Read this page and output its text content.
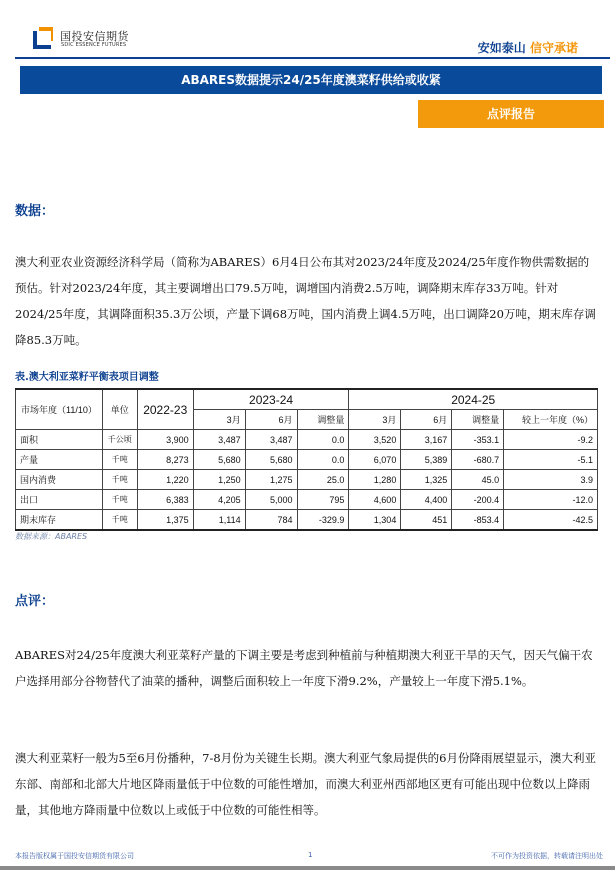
国投安信期货
SDIC ESSENCE FUTURES	安如泰山 信守承诺
ABARES数据提示24/25年度澳菜籽供给或收紧
点评报告
数据：
澳大利亚农业资源经济科学局（简称为ABARES）6月4日公布其对2023/24年度及2024/25年度作物供需数据的预估。针对2023/24年度，其主要调增出口79.5万吨，调增国内消费2.5万吨，调降期末库存33万吨。针对2024/25年度，其调降面积35.3万公顷，产量下调68万吨，国内消费上调4.5万吨，出口调降20万吨，期末库存调降85.3万吨。
表.澳大利亚菜籽平衡表项目调整
市场年度（11/10）	单位	2022-23	2023-24			2024-25			
			3月	6月	调整量	3月	6月	调整量	较上一年度（%）
面积	千公顷	3,900	3,487	3,487	0.0	3,520	3,167	-353.1	-9.2
产量	千吨	8,273	5,680	5,680	0.0	6,070	5,389	-680.7	-5.1
国内消费	千吨	1,220	1,250	1,275	25.0	1,280	1,325	45.0	3.9
出口	千吨	6,383	4,205	5,000	795	4,600	4,400	-200.4	-12.0
期末库存	千吨	1,375	1,114	784	-329.9	1,304	451	-853.4	-42.5
数据来源：ABARES
点评：
ABARES对24/25年度澳大利亚菜籽产量的下调主要是考虑到种植前与种植期澳大利亚干旱的天气，因天气偏干农户选择用部分谷物替代了油菜的播种，调整后面积较上一年度下滑9.2%，产量较上一年度下滑5.1%。
澳大利亚菜籽一般为5至6月份播种，7-8月份为关键生长期。澳大利亚气象局提供的6月份降雨展望显示，澳大利亚东部、南部和北部大片地区降雨量低于中位数的可能性增加，而澳大利亚州西部地区更有可能出现中位数以上降雨量，其他地方降雨量中位数以上或低于中位数的可能性相等。
本报告版权属于国投安信期货有限公司	1	不可作为投资依据，转载请注明出处
